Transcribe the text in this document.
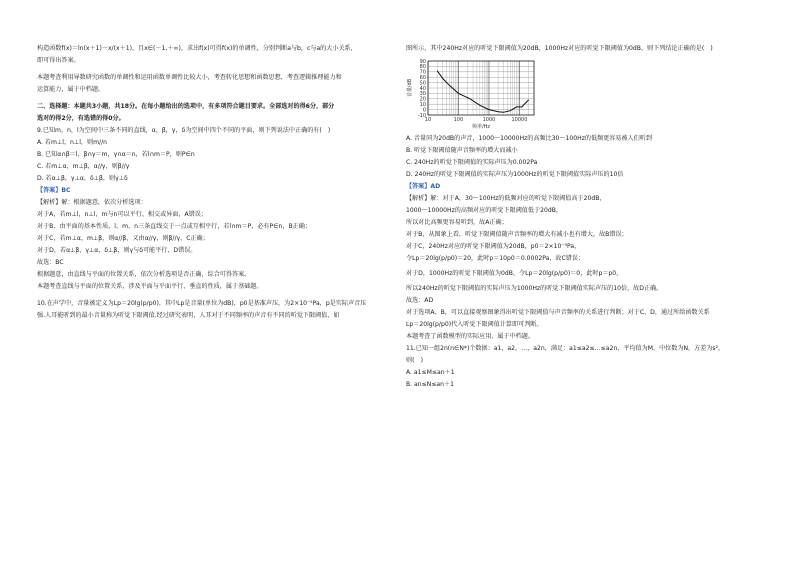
构造函数f(x)＝ln(x＋1)－x/(x＋1)，且x∈(－1,＋∞)，求出f(x)可得f(x)的单调性，分别判断a与b，c与a的大小关系，
即可得出答案。
本题考查利用导数研究函数的单调性和运用函数单调性比较大小，考查转化思想和函数思想，考查逻辑推理能力和
运算能力，属于中档题。
二、选择题：本题共3小题，共18分。在每小题给出的选项中，有多项符合题目要求。全部选对的得6分，部分
选对的得2分，有选错的得0分。
9.已知m，n，l为空间中三条不同的直线，α，β，γ，δ为空间中四个不同的平面，则下列说法中正确的有(　)
A. 若m⊥l，n⊥l，则m//n
B. 已知α∩β＝l，β∩γ＝m，γ∩α＝n，若l∩m＝P，则P∈n
C. 若m⊥α，m⊥β，α//γ，则β//γ
D. 若α⊥β，γ⊥α，δ⊥β，则γ⊥δ
【答案】BC
【解析】解：根据题意，依次分析选项：
对于A，若m⊥l，n⊥l，m与n可以平行、相交或异面，A错误；
对于B，由平面的基本性质，l、m、n三条直线交于一点或互相平行，若l∩m＝P，必有P∈n，B正确；
对于C，若m⊥α，m⊥β，则α//β，又由α//γ，则β//γ，C正确；
对于D，若α⊥β，γ⊥α，δ⊥β，则γ与δ可能平行，D错误。
故选：BC
根据题意，由直线与平面的位置关系，依次分析选项是否正确，综合可得答案。
本题考查直线与平面的位置关系，涉及平面与平面平行、垂直的性质，属于基础题。
10.在声学中，音量被定义为Lp＝20lg(p/p0)，其中Lp是音量(单位为dB)，p0是基准声压，为2×10⁻⁵Pa，p是实际声音压
强.人耳能听到的最小音量称为听觉下限阈值.经过研究表明，人耳对于不同频率的声音有不同的听觉下限阈值，如
图所示，其中240Hz对应的听觉下限阈值为20dB，1000Hz对应的听觉下限阈值为0dB，则下列结论正确的是(　)
-10
0
10
20
30
40
50
60
70
80
90
10	100	1000	10000
音量/dB
频率/Hz
A. 音量同为20dB的声音，1000～10000Hz的高频比30～100Hz的低频更容易被人们听到
B. 听觉下限阈值随声音频率的增大而减小
C. 240Hz的听觉下限阈值的实际声压为0.002Pa
D. 240Hz的听觉下限阈值的实际声压为1000Hz的听觉下限阈值实际声压的10倍
【答案】AD
【解析】解：对于A，30～100Hz的低频对应的听觉下限阈值高于20dB，
1000～10000Hz的高频对应的听觉下限阈值低于20dB，
所以对比高频更容易听到，故A正确；
对于B，从图象上看，听觉下限阈值随声音频率的增大有减小也有增大，故B错误；
对于C，240Hz对应的听觉下限阈值为20dB，p0＝2×10⁻⁵Pa，
令Lp＝20lg(p/p0)＝20，此时p＝10p0＝0.0002Pa，故C错误；
对于D，1000Hz的听觉下限阈值为0dB，令Lp＝20lg(p/p0)＝0，此时p＝p0，
所以240Hz的听觉下限阈值的实际声压为1000Hz的听觉下限阈值实际声压的10倍，故D正确。
故选：AD
对于选项A、B，可以直接观察图象得出听觉下限阈值与声音频率的关系进行判断；对于C、D，通过所给函数关系
Lp＝20lg(p/p0)代入听觉下限阈值计算即可判断。
本题考查了函数模型的实际应用，属于中档题。
11.已知一组2n(n∈N*)个数据：a1，a2，…，a2n，满足：a1≤a2≤…≤a2n，平均值为M，中位数为N，方差为s²，
则(　)
A. a1≤M≤an＋1
B. an≤N≤an＋1
